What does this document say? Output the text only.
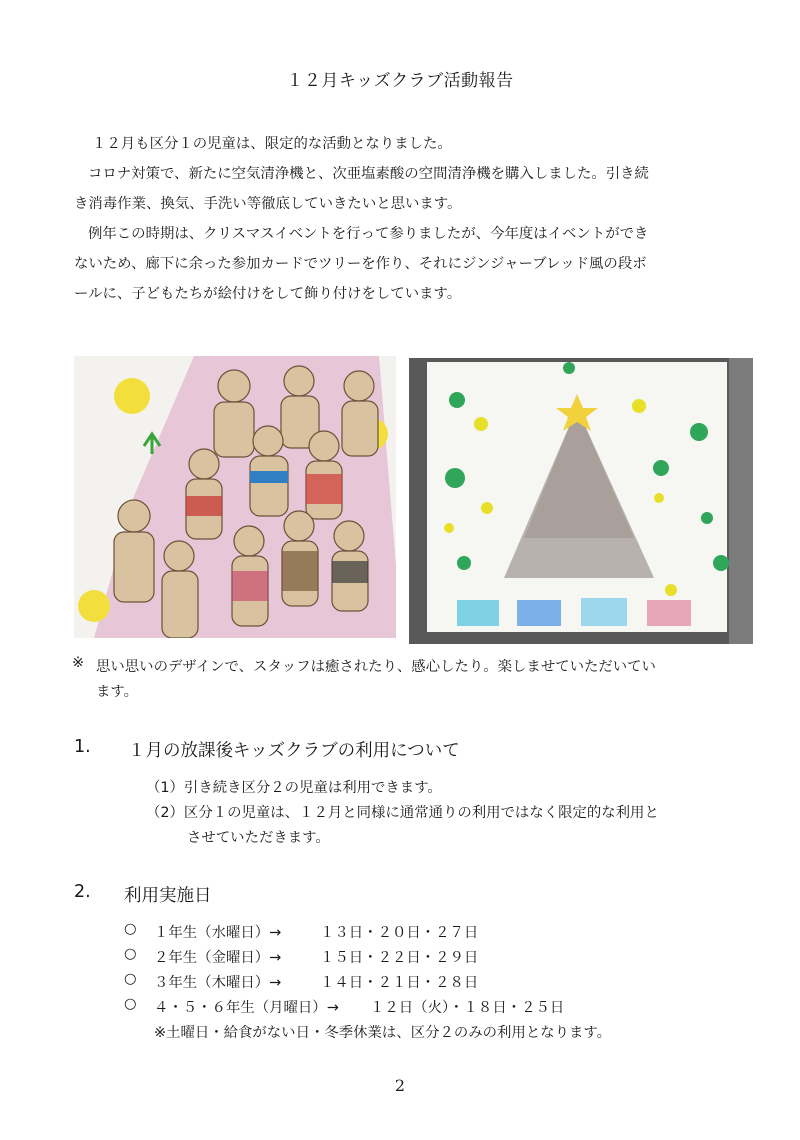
１２月キッズクラブ活動報告
１２月も区分１の児童は、限定的な活動となりました。
コロナ対策で、新たに空気清浄機と、次亜塩素酸の空間清浄機を購入しました。引き続
き消毒作業、換気、手洗い等徹底していきたいと思います。
例年この時期は、クリスマスイベントを行って参りましたが、今年度はイベントができ
ないため、廊下に余った参加カードでツリーを作り、それにジンジャーブレッド風の段ボ
ールに、子どもたちが絵付けをして飾り付けをしています。
※ 思い思いのデザインで、スタッフは癒されたり、感心したり。楽しませていただいてい
ます。
1. １月の放課後キッズクラブの利用について
（1）引き続き区分２の児童は利用できます。
（2）区分１の児童は、１２月と同様に通常通りの利用ではなく限定的な利用と
させていただきます。
2. 利用実施日
○ １年生（水曜日）→	１３日・２０日・２７日
○ ２年生（金曜日）→	１５日・２２日・２９日
○ ３年生（木曜日）→	１４日・２１日・２８日
○ ４・５・６年生（月曜日）→ １２日（火）・１８日・２５日
※土曜日・給食がない日・冬季休業は、区分２のみの利用となります。
2
